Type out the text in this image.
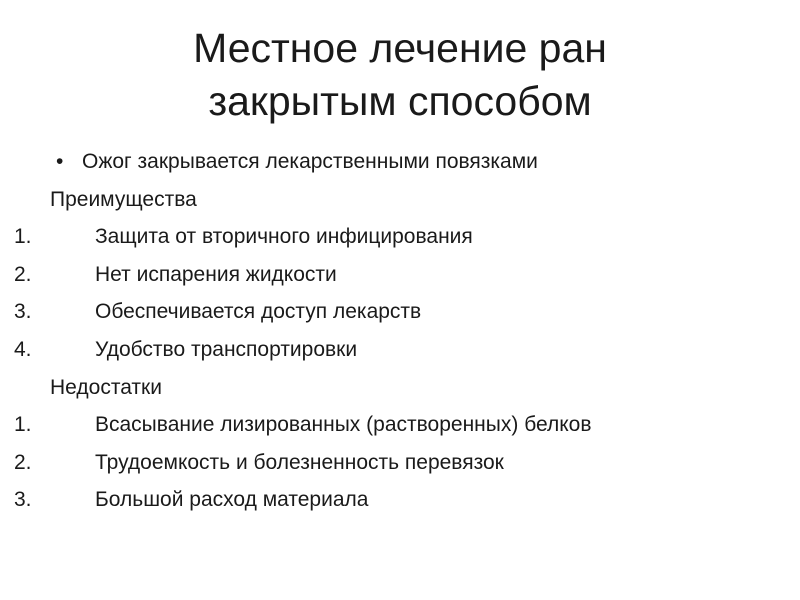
Местное лечение ран
закрытым способом
• Ожог закрывается лекарственными повязками
Преимущества
1.	Защита от вторичного инфицирования
2.	Нет испарения жидкости
3.	Обеспечивается доступ лекарств
4.	Удобство транспортировки
Недостатки
1.	Всасывание лизированных (растворенных) белков
2.	Трудоемкость и болезненность перевязок
3.	Большой расход материала
